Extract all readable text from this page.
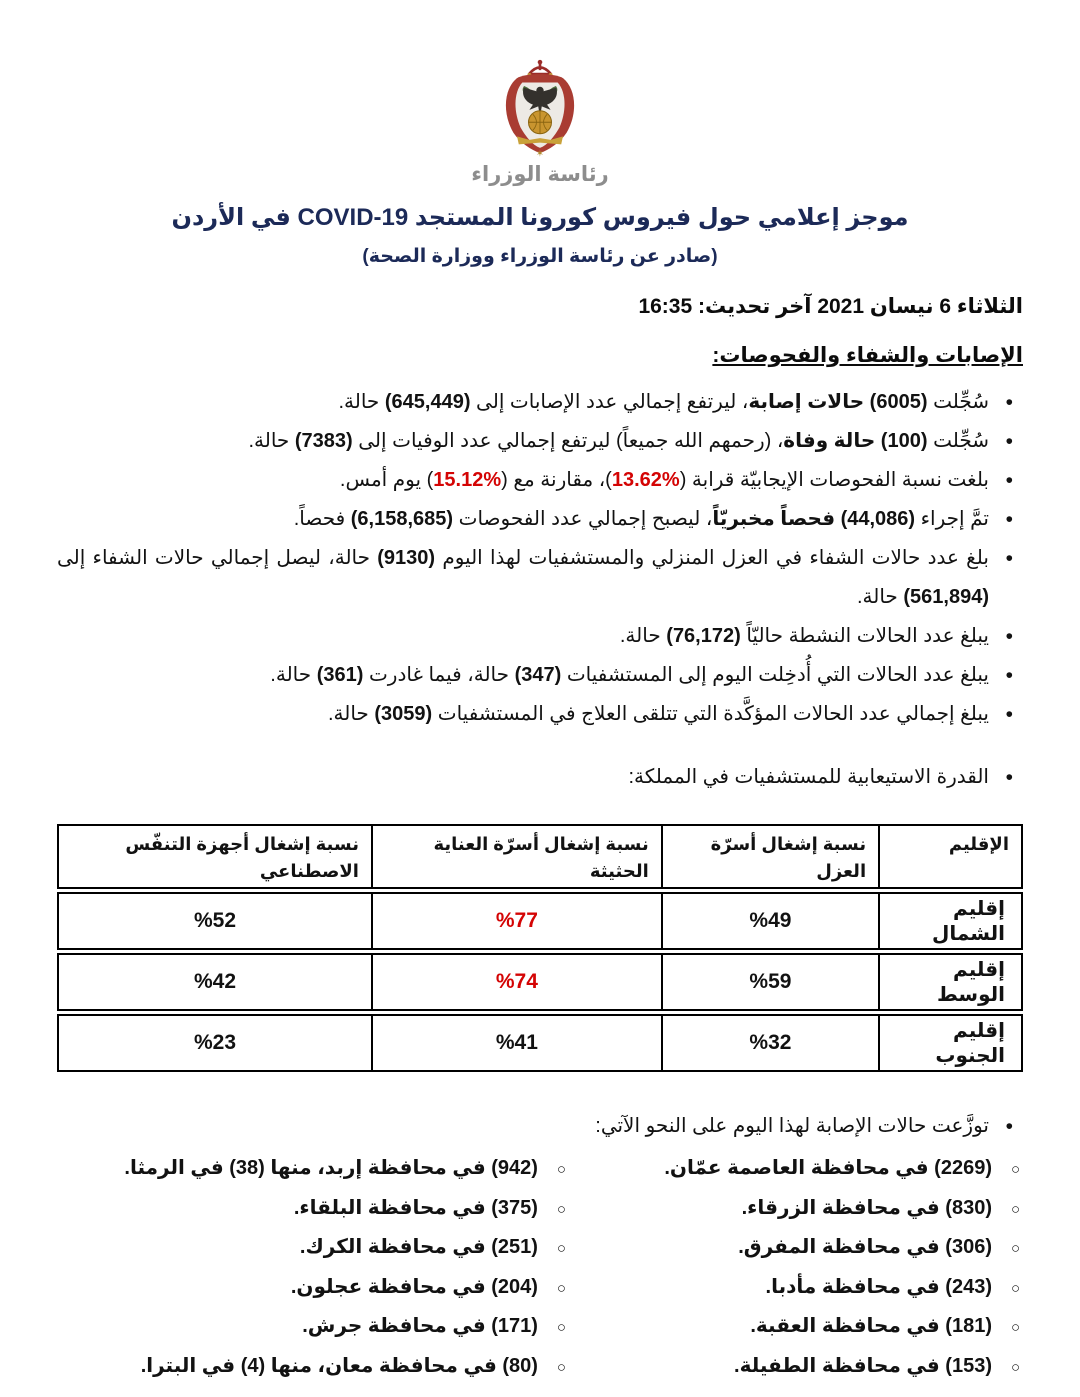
✶
رئاسة الوزراء
موجز إعلامي حول فيروس كورونا المستجد COVID-19 في الأردن
(صادر عن رئاسة الوزراء ووزارة الصحة)
الثلاثاء 6 نيسان 2021 آخر تحديث: 16:35
الإصابات والشفاء والفحوصات:
• سُجِّلت (6005) حالات إصابة، ليرتفع إجمالي عدد الإصابات إلى (645,449) حالة.
• سُجِّلت (100) حالة وفاة، (رحمهم الله جميعاً) ليرتفع إجمالي عدد الوفيات إلى (7383) حالة.
• بلغت نسبة الفحوصات الإيجابيّة قرابة (%13.62)، مقارنة مع (%15.12) يوم أمس.
• تمَّ إجراء (44,086) فحصاً مخبريّاً، ليصبح إجمالي عدد الفحوصات (6,158,685) فحصاً.
• بلغ عدد حالات الشفاء في العزل المنزلي والمستشفيات لهذا اليوم (9130) حالة، ليصل إجمالي حالات الشفاء إلى (561,894) حالة.
• يبلغ عدد الحالات النشطة حاليّاً (76,172) حالة.
• يبلغ عدد الحالات التي أُدخِلت اليوم إلى المستشفيات (347) حالة، فيما غادرت (361) حالة.
• يبلغ إجمالي عدد الحالات المؤكَّدة التي تتلقى العلاج في المستشفيات (3059) حالة.
• القدرة الاستيعابية للمستشفيات في المملكة:
الإقليم	نسبة إشغال أسرّة العزل	نسبة إشغال أسرّة العناية الحثيثة	نسبة إشغال أجهزة التنفّس الاصطناعي
إقليم الشمال	%49	%77	%52
إقليم الوسط	%59	%74	%42
إقليم الجنوب	%32	%41	%23
• توزَّعت حالات الإصابة لهذا اليوم على النحو الآتي:
○ (2269) في محافظة العاصمة عمّان.
○ (830) في محافظة الزرقاء.
○ (306) في محافظة المفرق.
○ (243) في محافظة مأدبا.
○ (181) في محافظة العقبة.
○ (153) في محافظة الطفيلة.
○ (942) في محافظة إربد، منها (38) في الرمثا.
○ (375) في محافظة البلقاء.
○ (251) في محافظة الكرك.
○ (204) في محافظة عجلون.
○ (171) في محافظة جرش.
○ (80) في محافظة معان، منها (4) في البترا.
